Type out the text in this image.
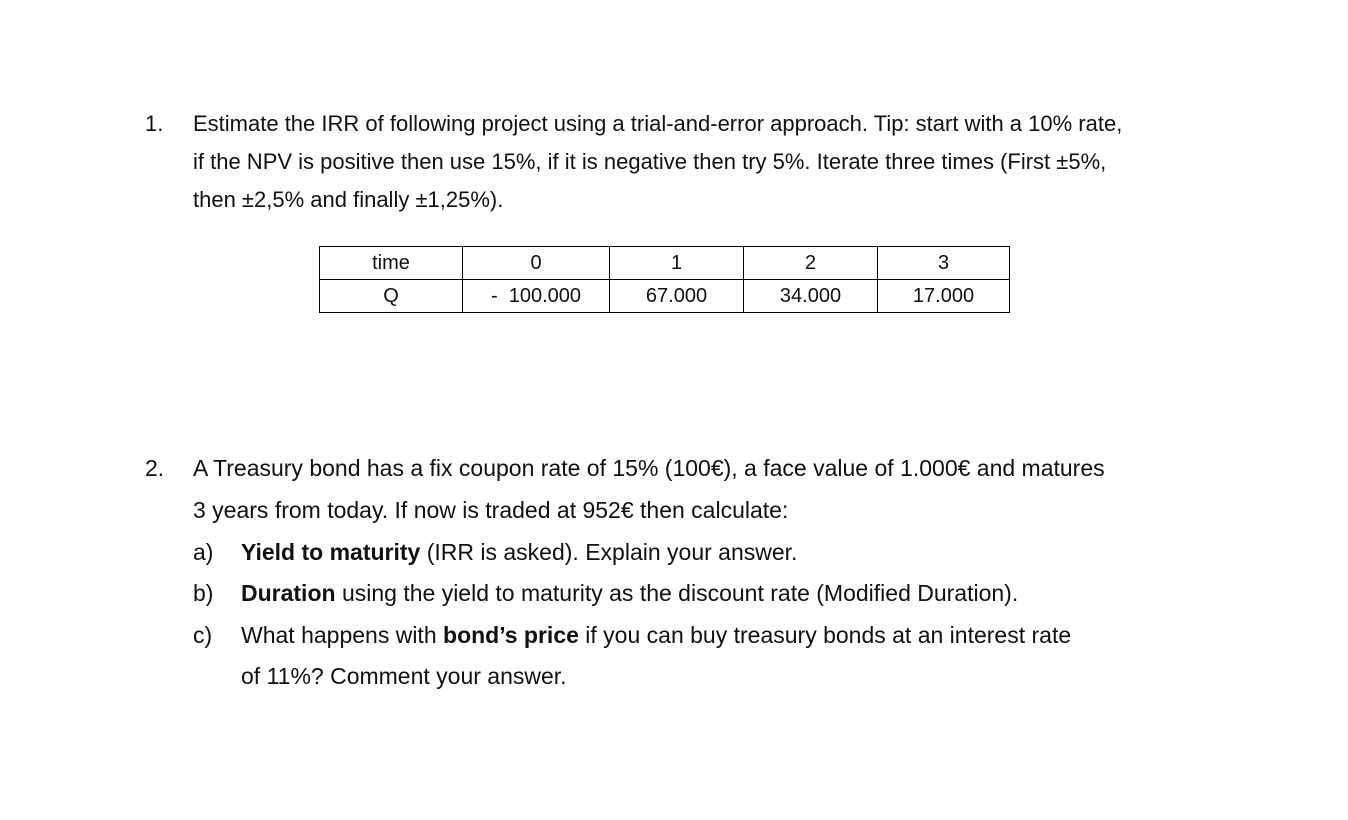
1. Estimate the IRR of following project using a trial-and-error approach. Tip: start with a 10% rate,
if the NPV is positive then use 15%, if it is negative then try 5%. Iterate three times (First ±5%,
then ±2,5% and finally ±1,25%).
time	0	1	2	3
Q	-  100.000	67.000	34.000	17.000
2. A Treasury bond has a fix coupon rate of 15% (100€), a face value of 1.000€ and matures
3 years from today. If now is traded at 952€ then calculate:
a) Yield to maturity (IRR is asked). Explain your answer.
b) Duration using the yield to maturity as the discount rate (Modified Duration).
c) What happens with bond’s price if you can buy treasury bonds at an interest rate
of 11%? Comment your answer.
